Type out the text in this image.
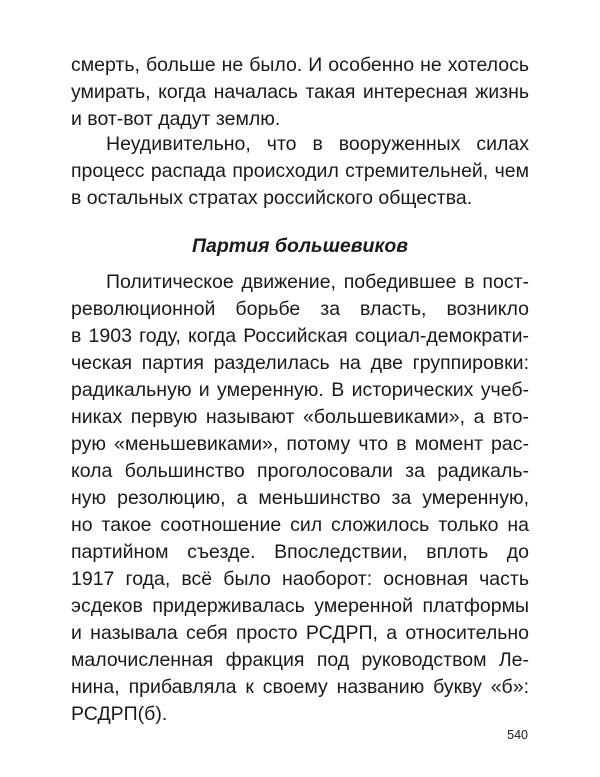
смерть, больше не было. И особенно не хотелось
умирать, когда началась такая интересная жизнь
и вот-вот дадут землю.
Неудивительно, что в вооруженных силах
процесс распада происходил стремительней, чем
в остальных стратах российского общества.
Партия большевиков
Политическое движение, победившее в пост-
революционной борьбе за власть, возникло
в 1903 году, когда Российская социал-демократи-
ческая партия разделилась на две группировки:
радикальную и умеренную. В исторических учеб-
никах первую называют «большевиками», а вто-
рую «меньшевиками», потому что в момент рас-
кола большинство проголосовали за радикаль-
ную резолюцию, а меньшинство за умеренную,
но такое соотношение сил сложилось только на
партийном съезде. Впоследствии, вплоть до
1917 года, всё было наоборот: основная часть
эсдеков придерживалась умеренной платформы
и называла себя просто РСДРП, а относительно
малочисленная фракция под руководством Ле-
нина, прибавляла к своему названию букву «б»:
РСДРП(б).
540
